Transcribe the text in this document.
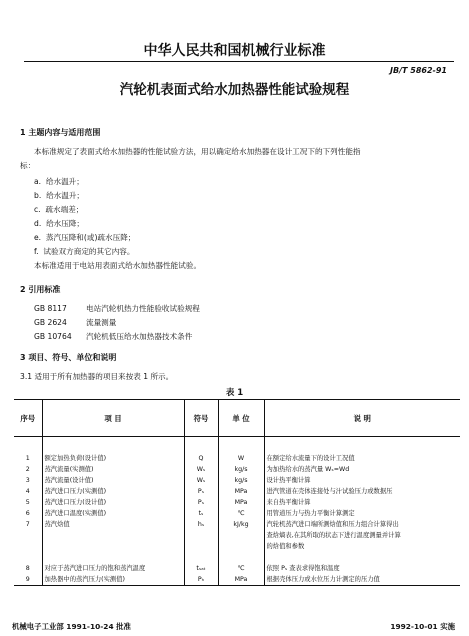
中华人民共和国机械行业标准
JB/T 5862-91
汽轮机表面式给水加热器性能试验规程
1 主题内容与适用范围
本标准规定了表面式给水加热器的性能试验方法，用以确定给水加热器在设计工况下的下列性能指
标：
a. 给水温升；
b. 给水温升；
c. 疏水端差；
d. 给水压降；
e. 蒸汽压降和(或)疏水压降；
f. 试验双方商定的其它内容。
本标准适用于电站用表面式给水加热器性能试验。
2 引用标准
GB 8117	电站汽轮机热力性能验收试验规程
GB 2624	流量测量
GB 10764 汽轮机低压给水加热器技术条件
3 项目、符号、单位和说明
3.1 适用于所有加热器的项目来按表 1 所示。
表 1
序号	项 目	符号	单 位	说 明

1	额定加热负荷(设计值)	Q	W	在额定给水流量下的设计工况值
2	蒸汽流量(实测值)	Wₛ	kg/s	为加热给水的蒸汽量 Wₛ=Wd
3	蒸汽流量(设计值)	Wₛ	kg/s	设计热平衡计算
4	蒸汽进口压力(实测值)	Pₛ	MPa	进汽管道在壳体连接处与汁试验压力或数据压
5	蒸汽进口压力(设计值)	Pₛ	MPa	来自热平衡计算
6	蒸汽进口温度(实测值)	tₛ	℃	用管道压力与热力平衡计算测定
7	蒸汽焓值	hₛ	kJ/kg	汽轮机蒸汽进口端所测焓值和压力组合计算得出
				查焓熵表,在其所取的状态下进行温度测量并计算
				的焓值和参数

8	对应于蒸汽进口压力的饱和蒸汽温度	tₛₐₜ	℃	依照 Pₛ 查表求得饱和温度
9	加热器中的蒸汽压力(实测值)	Pₕ	MPa	根据壳体压力或水位压力计测定的压力值
机械电子工业部 1991-10-24 批准	1992-10-01 实施
